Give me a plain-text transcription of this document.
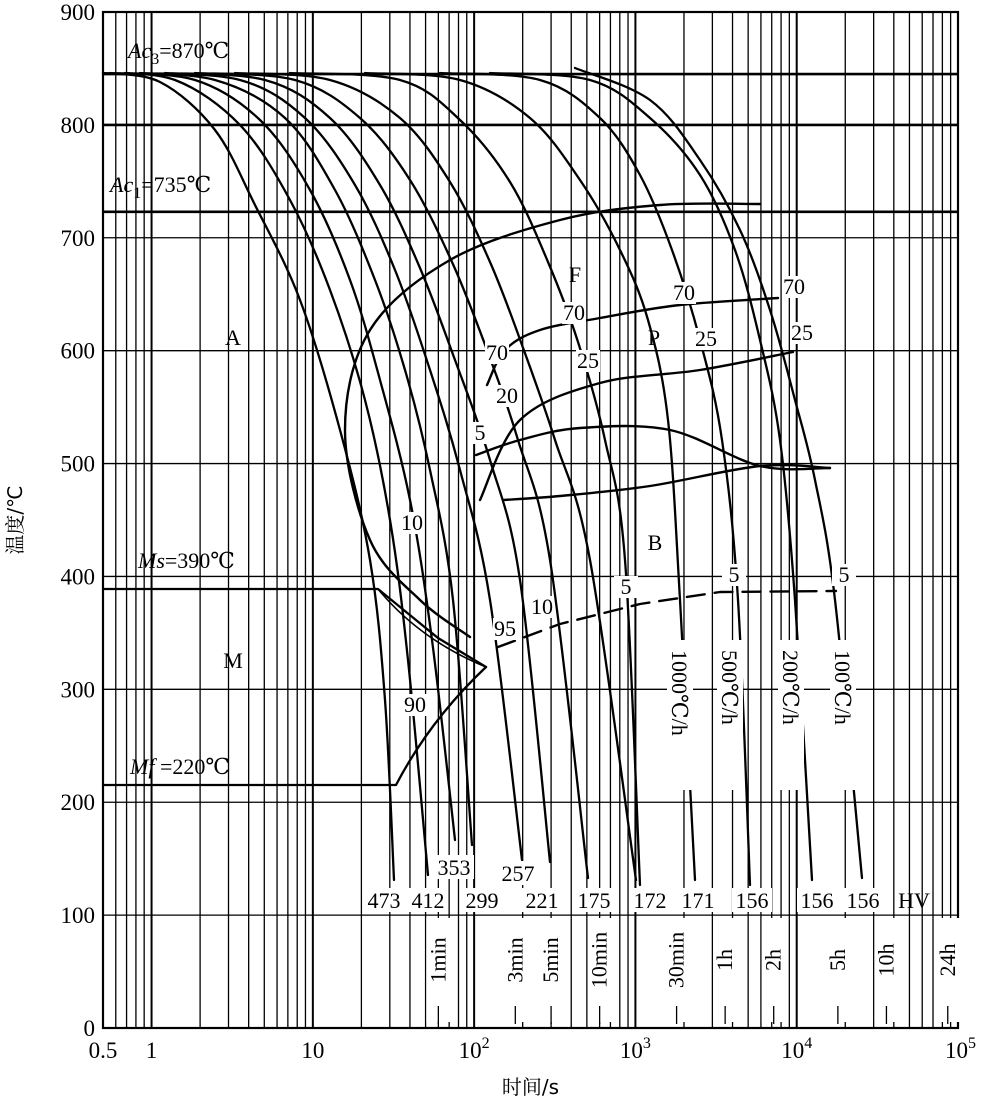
$Ac_3=870℃$
$Ac_1=735℃$
Ms=390℃
Mf =220℃
A
F
P
B
M
70
20
5
70
25
70
25
70
25
10
90
95
10
5	5	5
1000℃/h 500℃/h 200℃/h 100℃/h
473 412
353
299
257
221 175 172 171 156 156 156 HV
0
100
200
300
400
500
600
700
800
900
温度/℃
0.5 1	10	$10^2$	$10^3$	$10^4$	$10^5$
时间/s
1min 3min 5min 10min 30min 1h 2h 5h 10h 24h
